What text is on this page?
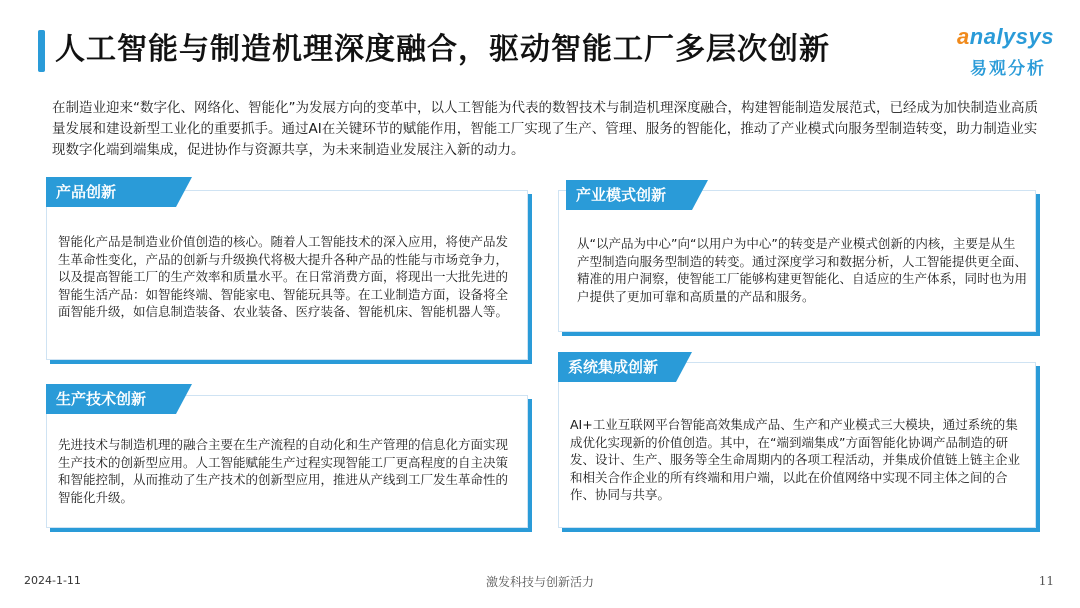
人工智能与制造机理深度融合，驱动智能工厂多层次创新	analysys
易观分析

在制造业迎来“数字化、网络化、智能化”为发展方向的变革中，以人工智能为代表的数智技术与制造机理深度融合，构建智能制造发展范式，已经成为加快制造业高质量发展和建设新型工业化的重要抓手。通过AI在关键环节的赋能作用，智能工厂实现了生产、管理、服务的智能化，推动了产业模式向服务型制造转变，助力制造业实现数字化端到端集成，促进协作与资源共享，为未来制造业发展注入新的动力。

产品创新
智能化产品是制造业价值创造的核心。随着人工智能技术的深入应用，将使产品发生革命性变化，产品的创新与升级换代将极大提升各种产品的性能与市场竞争力，以及提高智能工厂的生产效率和质量水平。在日常消费方面，将现出一大批先进的智能生活产品：如智能终端、智能家电、智能玩具等。在工业制造方面，设备将全面智能升级，如信息制造装备、农业装备、医疗装备、智能机床、智能机器人等。
产业模式创新
从“以产品为中心”向“以用户为中心”的转变是产业模式创新的内核，主要是从生产型制造向服务型制造的转变。通过深度学习和数据分析，人工智能提供更全面、精准的用户洞察，使智能工厂能够构建更智能化、自适应的生产体系，同时也为用户提供了更加可靠和高质量的产品和服务。
生产技术创新
先进技术与制造机理的融合主要在生产流程的自动化和生产管理的信息化方面实现生产技术的创新型应用。人工智能赋能生产过程实现智能工厂更高程度的自主决策和智能控制，从而推动了生产技术的创新型应用，推进从产线到工厂发生革命性的智能化升级。
系统集成创新
AI+工业互联网平台智能高效集成产品、生产和产业模式三大模块，通过系统的集成优化实现新的价值创造。其中，在“端到端集成”方面智能化协调产品制造的研发、设计、生产、服务等全生命周期内的各项工程活动，并集成价值链上链主企业和相关合作企业的所有终端和用户端，以此在价值网络中实现不同主体之间的合作、协同与共享。
2024-1-11	激发科技与创新活力	11
